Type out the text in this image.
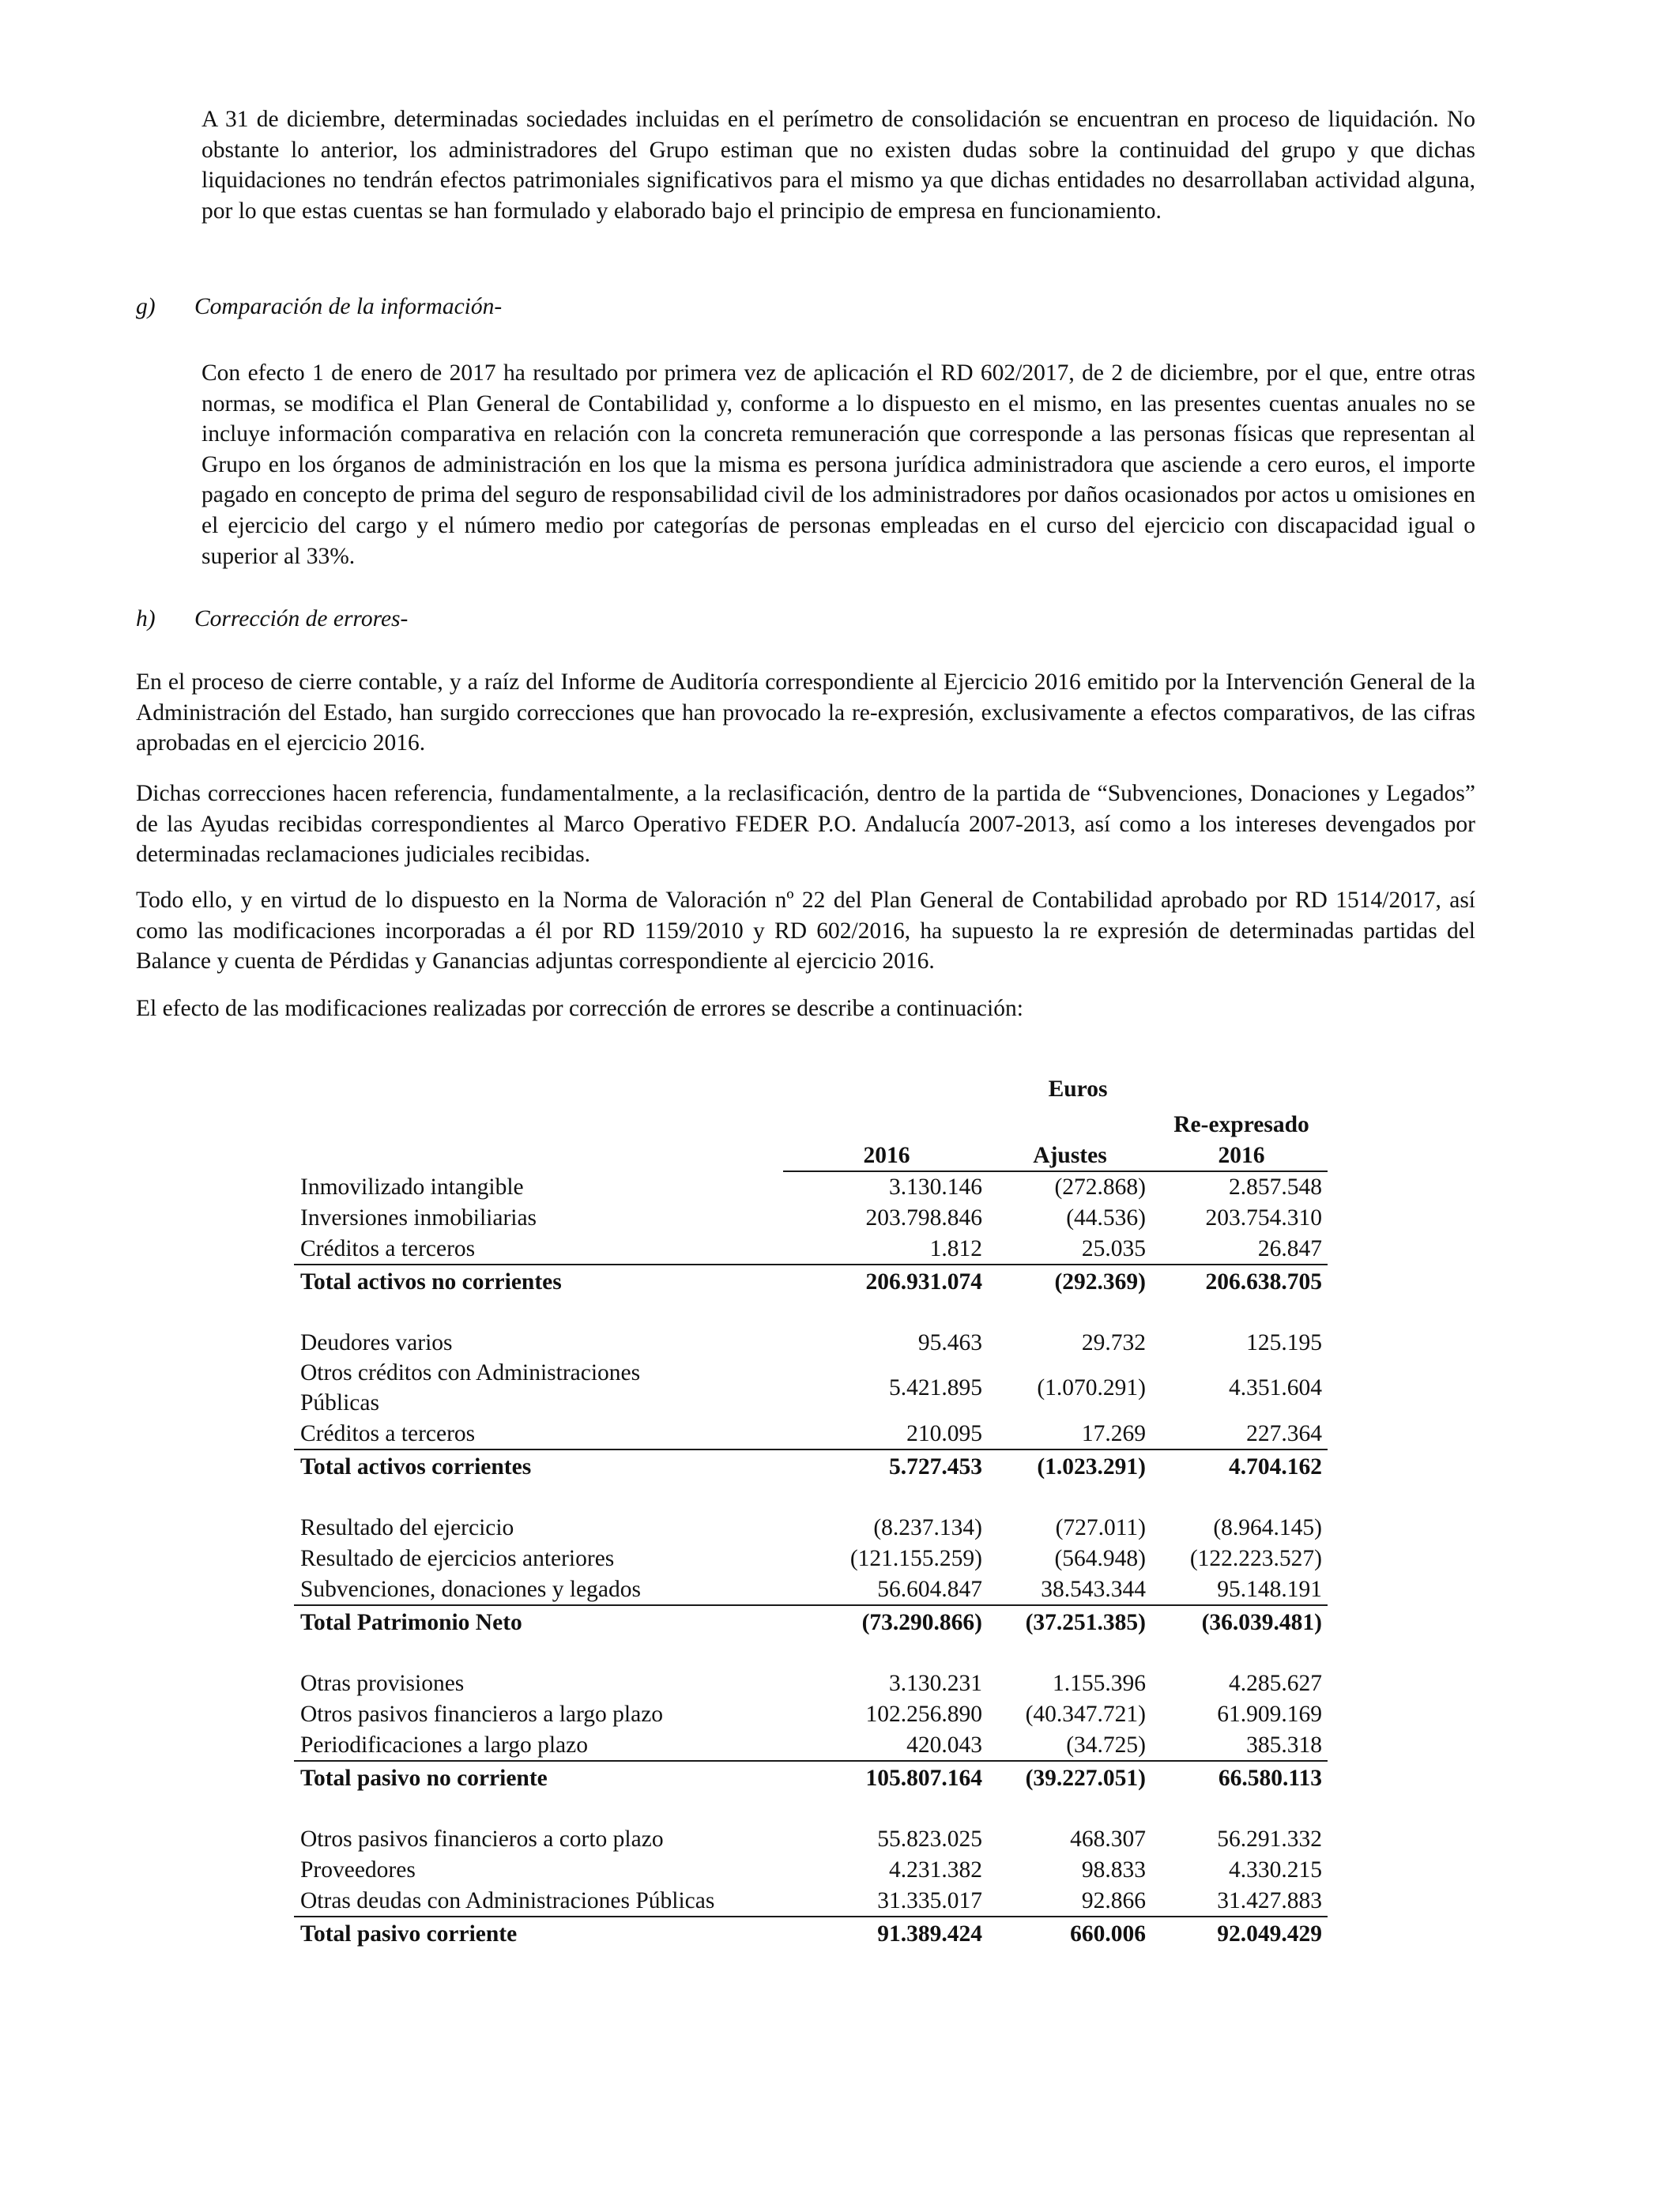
A 31 de diciembre, determinadas sociedades incluidas en el perímetro de consolidación se encuentran en proceso de liquidación. No obstante lo anterior, los administradores del Grupo estiman que no existen dudas sobre la continuidad del grupo y que dichas liquidaciones no tendrán efectos patrimoniales significativos para el mismo ya que dichas entidades no desarrollaban actividad alguna, por lo que estas cuentas se han formulado y elaborado bajo el principio de empresa en funcionamiento.

g) Comparación de la información-

Con efecto 1 de enero de 2017 ha resultado por primera vez de aplicación el RD 602/2017, de 2 de diciembre, por el que, entre otras normas, se modifica el Plan General de Contabilidad y, conforme a lo dispuesto en el mismo, en las presentes cuentas anuales no se incluye información comparativa en relación con la concreta remuneración que corresponde a las personas físicas que representan al Grupo en los órganos de administración en los que la misma es persona jurídica administradora que asciende a cero euros, el importe pagado en concepto de prima del seguro de responsabilidad civil de los administradores por daños ocasionados por actos u omisiones en el ejercicio del cargo y el número medio por categorías de personas empleadas en el curso del ejercicio con discapacidad igual o superior al 33%.

h) Corrección de errores-

En el proceso de cierre contable, y a raíz del Informe de Auditoría correspondiente al Ejercicio 2016 emitido por la Intervención General de la Administración del Estado, han surgido correcciones que han provocado la re-expresión, exclusivamente a efectos comparativos, de las cifras aprobadas en el ejercicio 2016.

Dichas correcciones hacen referencia, fundamentalmente, a la reclasificación, dentro de la partida de “Subvenciones, Donaciones y Legados” de las Ayudas recibidas correspondientes al Marco Operativo FEDER P.O. Andalucía 2007-2013, así como a los intereses devengados por determinadas reclamaciones judiciales recibidas.

Todo ello, y en virtud de lo dispuesto en la Norma de Valoración nº 22 del Plan General de Contabilidad aprobado por RD 1514/2017, así como las modificaciones incorporadas a él por RD 1159/2010 y RD 602/2016, ha supuesto la re expresión de determinadas partidas del Balance y cuenta de Pérdidas y Ganancias adjuntas correspondiente al ejercicio 2016.

El efecto de las modificaciones realizadas por corrección de errores se describe a continuación:

Euros
Re-expresado
2016	Ajustes	2016
Inmovilizado intangible	3.130.146	(272.868)	2.857.548
Inversiones inmobiliarias	203.798.846	(44.536)	203.754.310
Créditos a terceros	1.812	25.035	26.847
Total activos no corrientes	206.931.074	(292.369)	206.638.705
Deudores varios	95.463	29.732	125.195
Otros créditos con Administraciones Públicas
5.421.895	(1.070.291)	4.351.604
Créditos a terceros	210.095	17.269	227.364
Total activos corrientes	5.727.453	(1.023.291)	4.704.162
Resultado del ejercicio	(8.237.134)	(727.011)	(8.964.145)
Resultado de ejercicios anteriores	(121.155.259)	(564.948)	(122.223.527)
Subvenciones, donaciones y legados	56.604.847	38.543.344	95.148.191
Total Patrimonio Neto	(73.290.866)	(37.251.385)	(36.039.481)
Otras provisiones	3.130.231	1.155.396	4.285.627
Otros pasivos financieros a largo plazo	102.256.890	(40.347.721)	61.909.169
Periodificaciones a largo plazo	420.043	(34.725)	385.318
Total pasivo no corriente	105.807.164	(39.227.051)	66.580.113
Otros pasivos financieros a corto plazo	55.823.025	468.307	56.291.332
Proveedores	4.231.382	98.833	4.330.215
Otras deudas con Administraciones Públicas	31.335.017	92.866	31.427.883
Total pasivo corriente	91.389.424	660.006	92.049.429
